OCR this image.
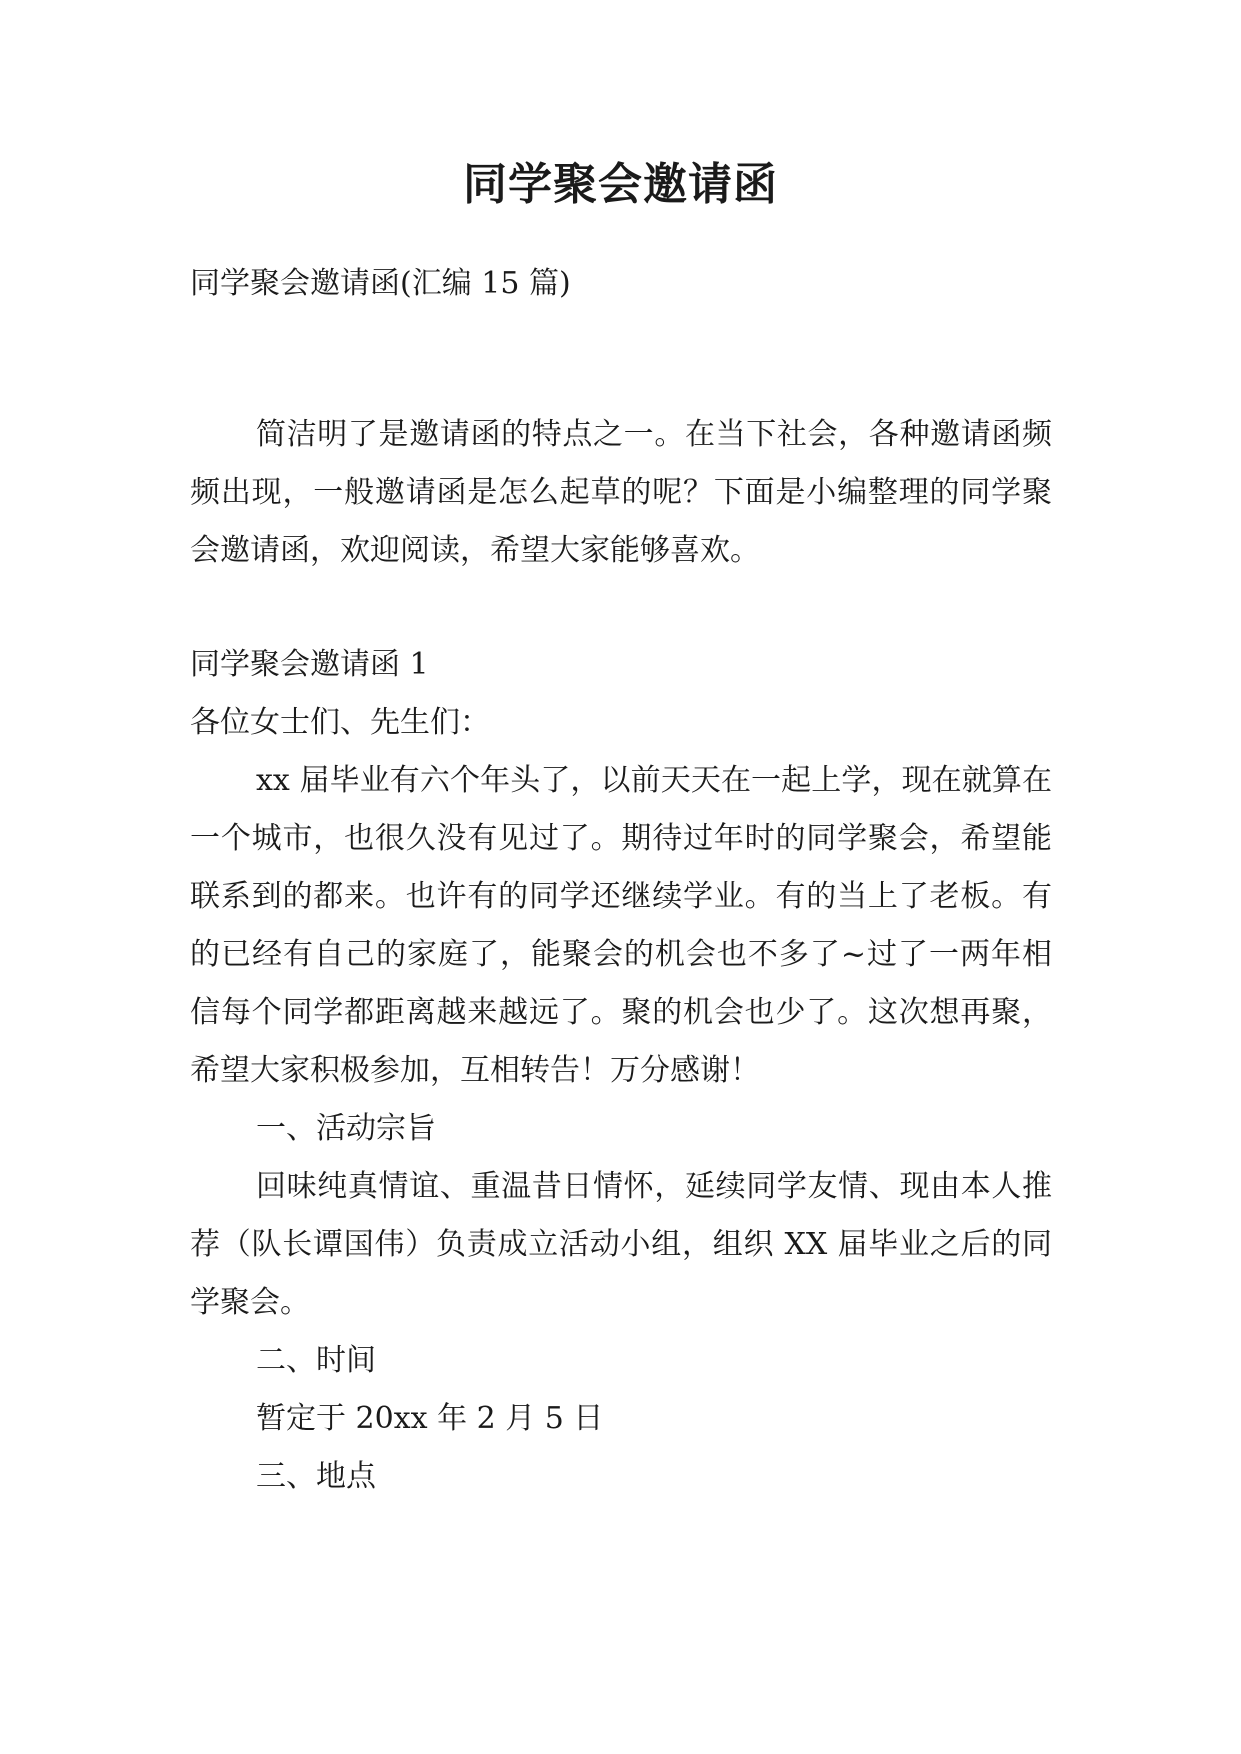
同学聚会邀请函
同学聚会邀请函(汇编 15 篇)

简洁明了是邀请函的特点之一。在当下社会，各种邀请函频频出现，一般邀请函是怎么起草的呢？下面是小编整理的同学聚会邀请函，欢迎阅读，希望大家能够喜欢。

同学聚会邀请函 1

各位女士们、先生们：

xx 届毕业有六个年头了，以前天天在一起上学，现在就算在一个城市，也很久没有见过了。期待过年时的同学聚会，希望能联系到的都来。也许有的同学还继续学业。有的当上了老板。有的已经有自己的家庭了，能聚会的机会也不多了~过了一两年相信每个同学都距离越来越远了。聚的机会也少了。这次想再聚，希望大家积极参加，互相转告！万分感谢！

一、活动宗旨

回味纯真情谊、重温昔日情怀，延续同学友情、现由本人推荐（队长谭国伟）负责成立活动小组，组织 XX 届毕业之后的同学聚会。

二、时间

暂定于 20xx 年 2 月 5 日

三、地点
